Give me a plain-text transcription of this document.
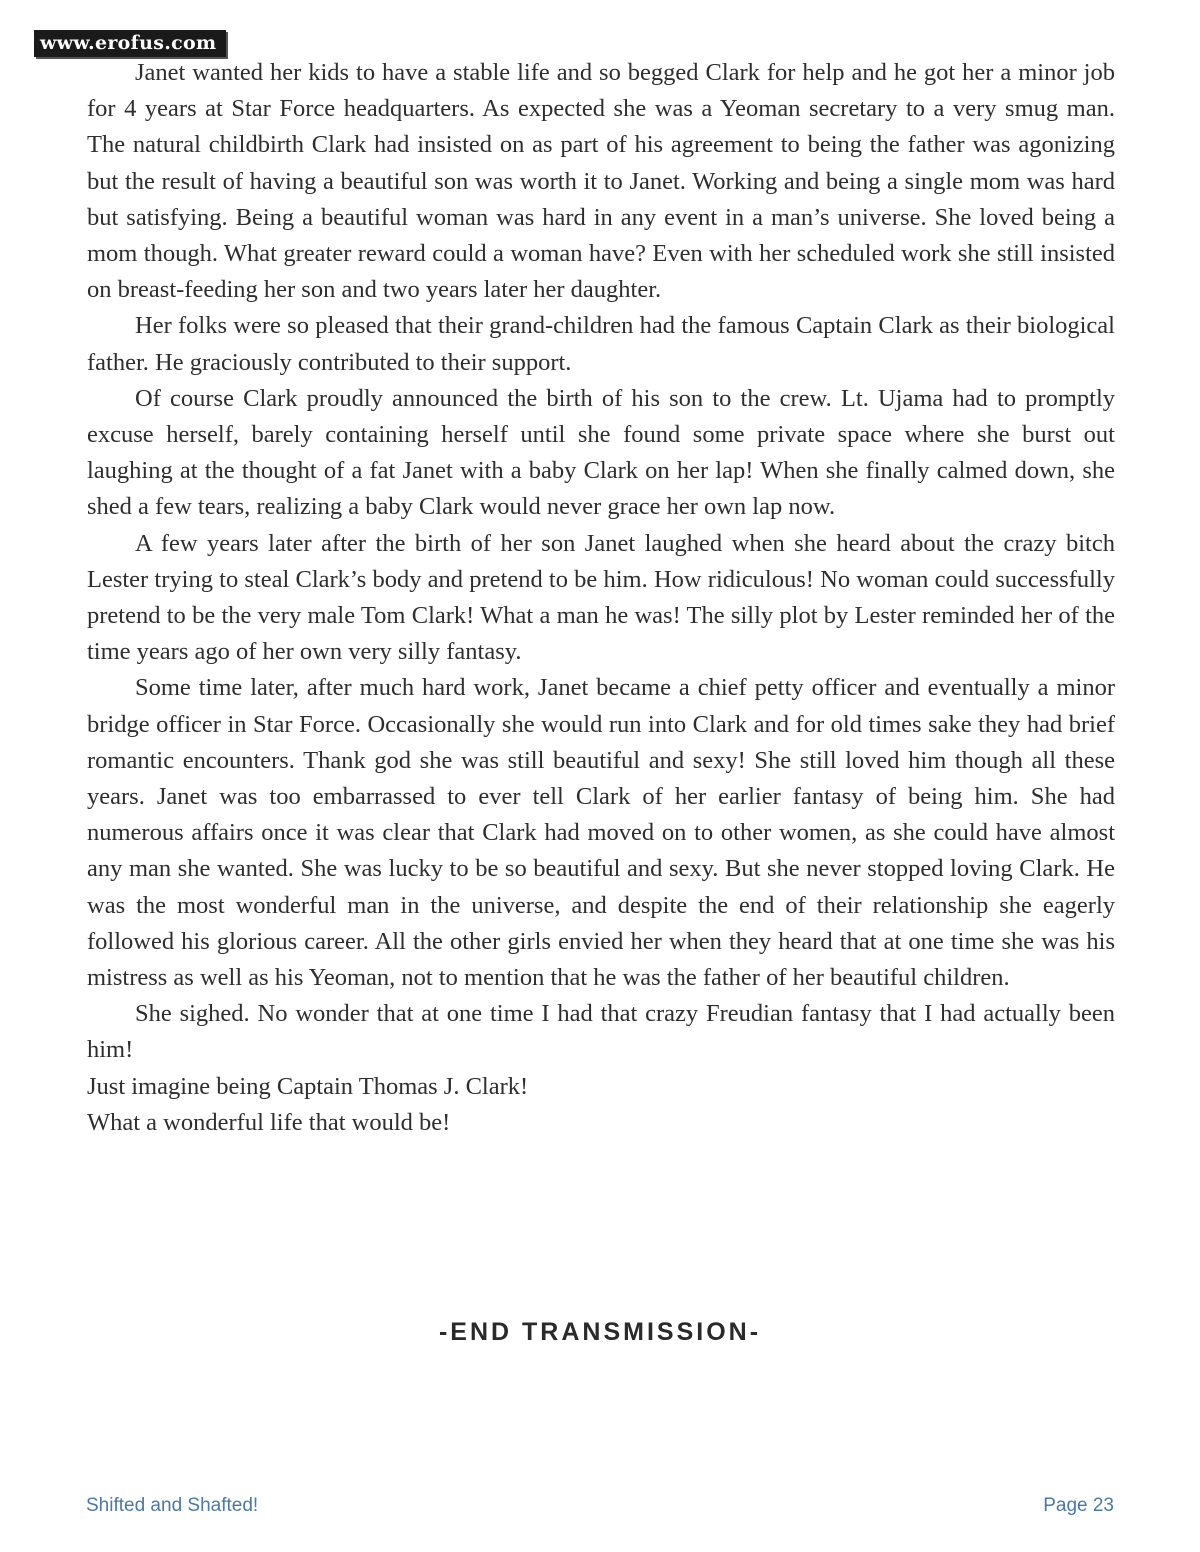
www.erofus.com

Janet wanted her kids to have a stable life and so begged Clark for help and he got her a minor job for 4 years at Star Force headquarters. As expected she was a Yeoman secretary to a very smug man. The natural childbirth Clark had insisted on as part of his agreement to being the father was agonizing but the result of having a beautiful son was worth it to Janet. Working and being a single mom was hard but satisfying. Being a beautiful woman was hard in any event in a man’s universe. She loved being a mom though. What greater reward could a woman have? Even with her scheduled work she still insisted on breast-feeding her son and two years later her daughter.

Her folks were so pleased that their grand-children had the famous Captain Clark as their biological father. He graciously contributed to their support.

Of course Clark proudly announced the birth of his son to the crew. Lt. Ujama had to promptly excuse herself, barely containing herself until she found some private space where she burst out laughing at the thought of a fat Janet with a baby Clark on her lap! When she finally calmed down, she shed a few tears, realizing a baby Clark would never grace her own lap now.

A few years later after the birth of her son Janet laughed when she heard about the crazy bitch Lester trying to steal Clark’s body and pretend to be him. How ridiculous! No woman could successfully pretend to be the very male Tom Clark! What a man he was! The silly plot by Lester reminded her of the time years ago of her own very silly fantasy.

Some time later, after much hard work, Janet became a chief petty officer and eventually a minor bridge officer in Star Force. Occasionally she would run into Clark and for old times sake they had brief romantic encounters. Thank god she was still beautiful and sexy! She still loved him though all these years. Janet was too embarrassed to ever tell Clark of her earlier fantasy of being him. She had numerous affairs once it was clear that Clark had moved on to other women, as she could have almost any man she wanted. She was lucky to be so beautiful and sexy. But she never stopped loving Clark. He was the most wonderful man in the universe, and despite the end of their relationship she eagerly followed his glorious career. All the other girls envied her when they heard that at one time she was his mistress as well as his Yeoman, not to mention that he was the father of her beautiful children.

She sighed. No wonder that at one time I had that crazy Freudian fantasy that I had actually been him!

Just imagine being Captain Thomas J. Clark!

What a wonderful life that would be!

-END TRANSMISSION-
Shifted and Shafted!	Page 23
